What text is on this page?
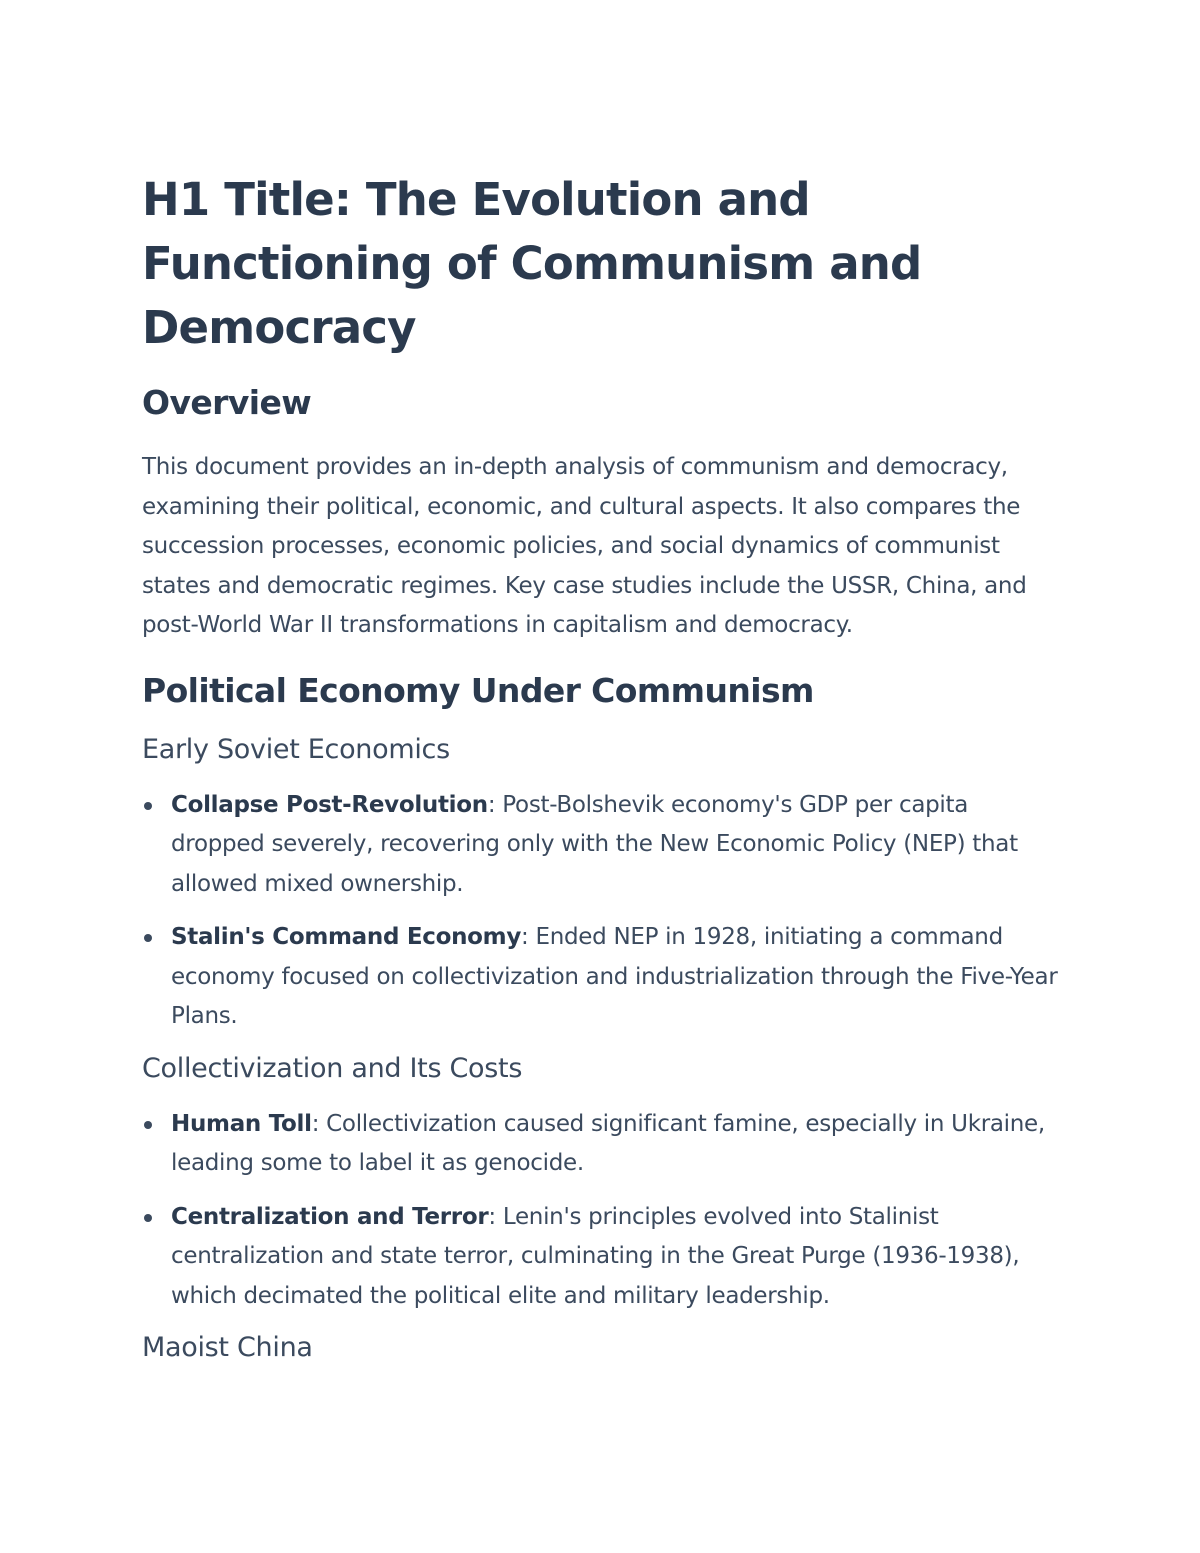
H1 Title: The Evolution and Functioning of Communism and Democracy
Overview

This document provides an in-depth analysis of communism and democracy, examining their political, economic, and cultural aspects. It also compares the succession processes, economic policies, and social dynamics of communist states and democratic regimes. Key case studies include the USSR, China, and post-World War II transformations in capitalism and democracy.

Political Economy Under Communism
Early Soviet Economics
Collapse Post-Revolution: Post-Bolshevik economy's GDP per capita dropped severely, recovering only with the New Economic Policy (NEP) that allowed mixed ownership.
Stalin's Command Economy: Ended NEP in 1928, initiating a command economy focused on collectivization and industrialization through the Five-Year Plans.
Collectivization and Its Costs
Human Toll: Collectivization caused significant famine, especially in Ukraine, leading some to label it as genocide.
Centralization and Terror: Lenin's principles evolved into Stalinist centralization and state terror, culminating in the Great Purge (1936-1938), which decimated the political elite and military leadership.
Maoist China
